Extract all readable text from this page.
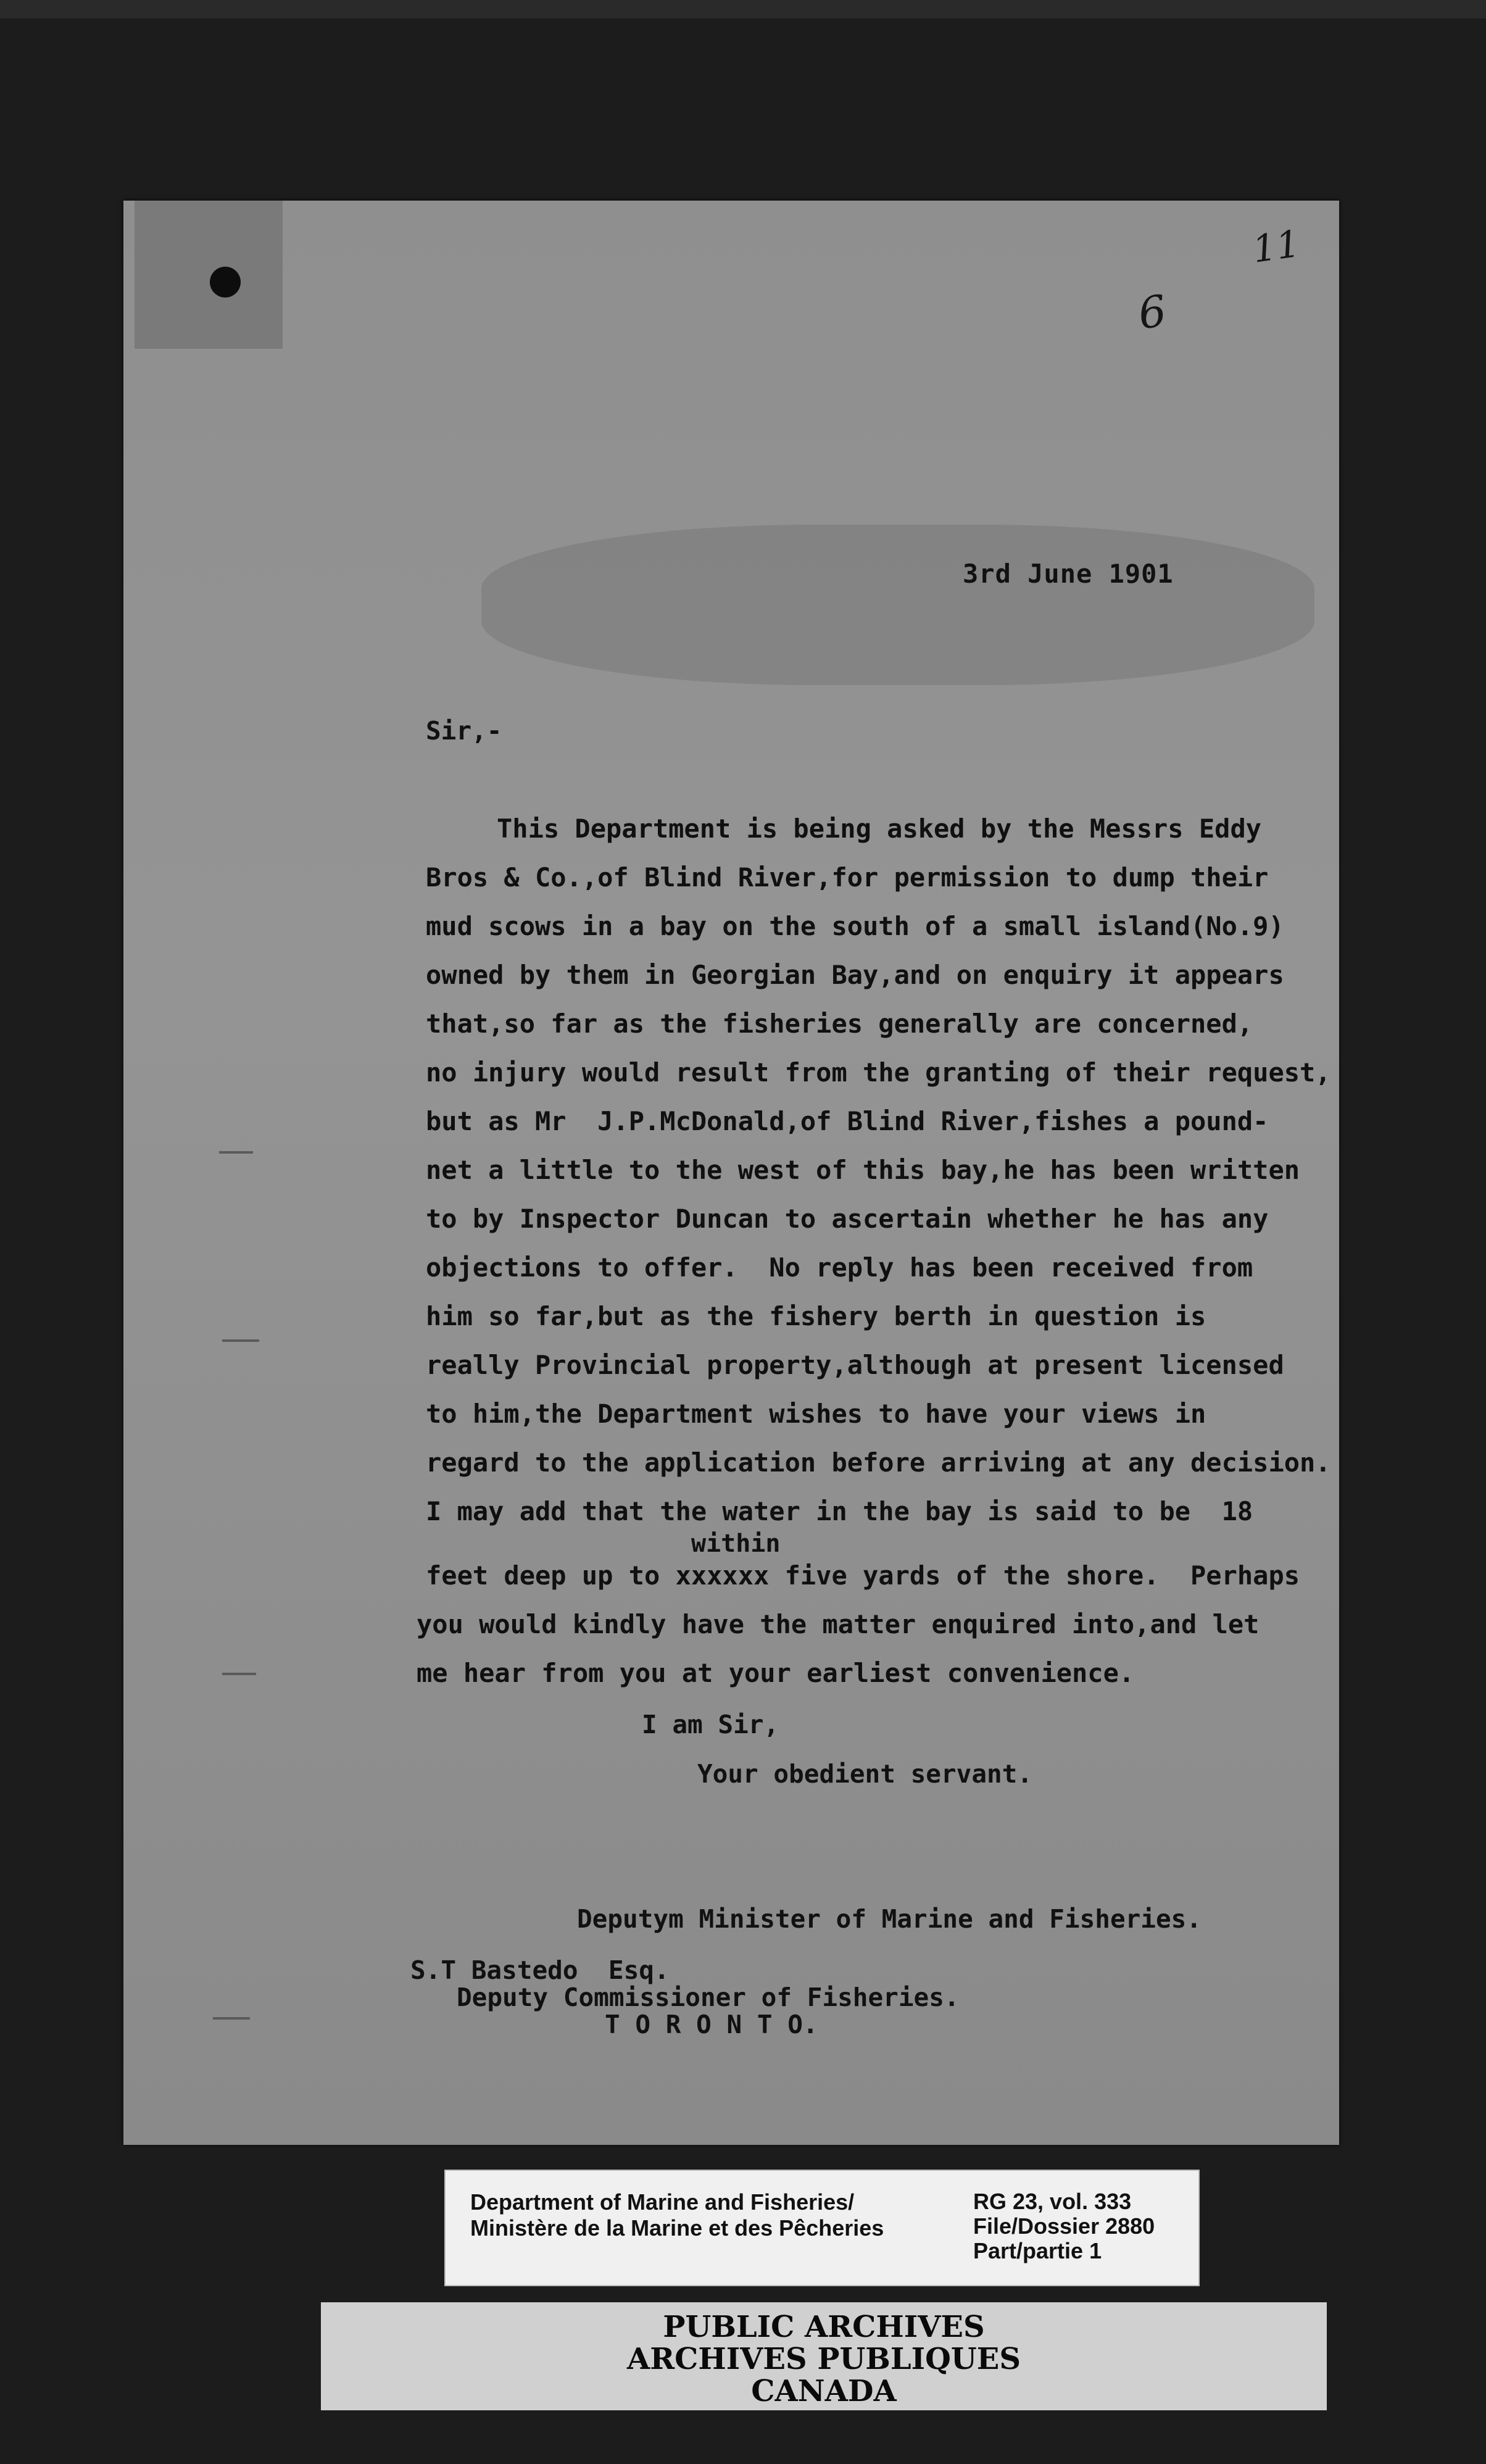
11
6
3rd June 1901
Sir,-
This Department is being asked by the Messrs Eddy
Bros & Co.,of Blind River,for permission to dump their
mud scows in a bay on the south of a small island(No.9)
owned by them in Georgian Bay,and on enquiry it appears
that,so far as the fisheries generally are concerned,
no injury would result from the granting of their request,
but as Mr  J.P.McDonald,of Blind River,fishes a pound-
net a little to the west of this bay,he has been written
to by Inspector Duncan to ascertain whether he has any
objections to offer.  No reply has been received from
him so far,but as the fishery berth in question is
really Provincial property,although at present licensed
to him,the Department wishes to have your views in
regard to the application before arriving at any decision.
I may add that the water in the bay is said to be  18
within
feet deep up to xxxxxx five yards of the shore.  Perhaps
you would kindly have the matter enquired into,and let
me hear from you at your earliest convenience.
I am Sir,
Your obedient servant.
Deputym Minister of Marine and Fisheries.
S.T Bastedo  Esq.
Deputy Commissioner of Fisheries.
T O R O N T O.
Department of Marine and Fisheries/
Ministère de la Marine et des Pêcheries
RG 23, vol. 333
File/Dossier 2880
Part/partie 1
PUBLIC ARCHIVES
ARCHIVES PUBLIQUES
CANADA
